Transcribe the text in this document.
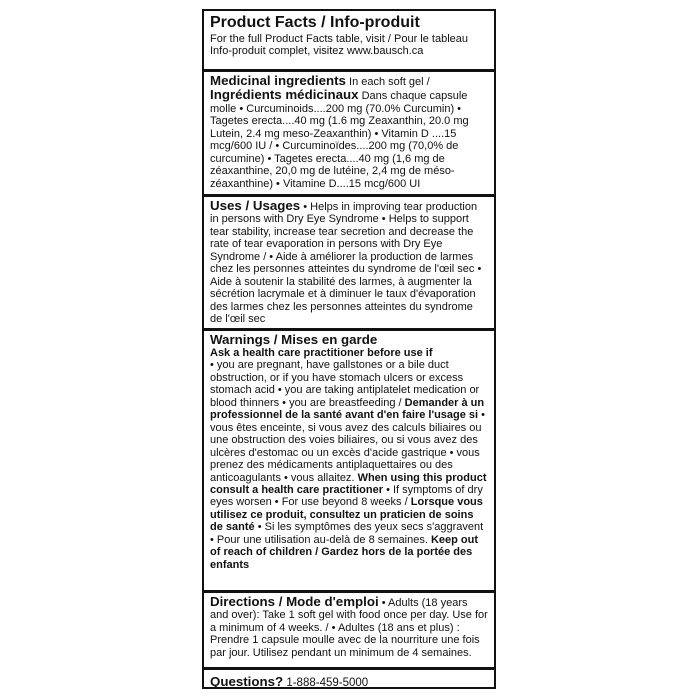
Product Facts / Info-produit
For the full Product Facts table, visit / Pour le tableau Info-produit complet, visitez www.bausch.ca
Medicinal ingredients In each soft gel / Ingrédients médicinaux Dans chaque capsule molle • Curcuminoids....200 mg (70.0% Curcumin) • Tagetes erecta....40 mg (1.6 mg Zeaxanthin, 20.0 mg Lutein, 2.4 mg meso-Zeaxanthin) • Vitamin D ....15 mcg/600 IU / • Curcuminoïdes....200 mg (70,0% de curcumine) • Tagetes erecta....40 mg (1,6 mg de zéaxanthine, 20,0 mg de lutéine, 2,4 mg de méso-zéaxanthine) • Vitamine D....15 mcg/600 UI
Uses / Usages • Helps in improving tear production in persons with Dry Eye Syndrome • Helps to support tear stability, increase tear secretion and decrease the rate of tear evaporation in persons with Dry Eye Syndrome / • Aide à améliorer la production de larmes chez les personnes atteintes du syndrome de l'œil sec • Aide à soutenir la stabilité des larmes, à augmenter la sécrétion lacrymale et à diminuer le taux d'évaporation des larmes chez les personnes atteintes du syndrome de l'œil sec
Warnings / Mises en garde
Ask a health care practitioner before use if
• you are pregnant, have gallstones or a bile duct obstruction, or if you have stomach ulcers or excess stomach acid • you are taking antiplatelet medication or blood thinners • you are breastfeeding / Demander à un professionnel de la santé avant d'en faire l'usage si • vous êtes enceinte, si vous avez des calculs biliaires ou une obstruction des voies biliaires, ou si vous avez des ulcères d'estomac ou un excès d'acide gastrique • vous prenez des médicaments antiplaquettaires ou des anticoagulants • vous allaitez. When using this product consult a health care practitioner • If symptoms of dry eyes worsen • For use beyond 8 weeks / Lorsque vous utilisez ce produit, consultez un praticien de soins de santé • Si les symptômes des yeux secs s'aggravent • Pour une utilisation au-delà de 8 semaines. Keep out of reach of children / Gardez hors de la portée des enfants
Directions / Mode d'emploi • Adults (18 years and over): Take 1 soft gel with food once per day. Use for a minimum of 4 weeks. / • Adultes (18 ans et plus) : Prendre 1 capsule moulle avec de la nourriture une fois par jour. Utilisez pendant un minimum de 4 semaines.
Questions? 1-888-459-5000
